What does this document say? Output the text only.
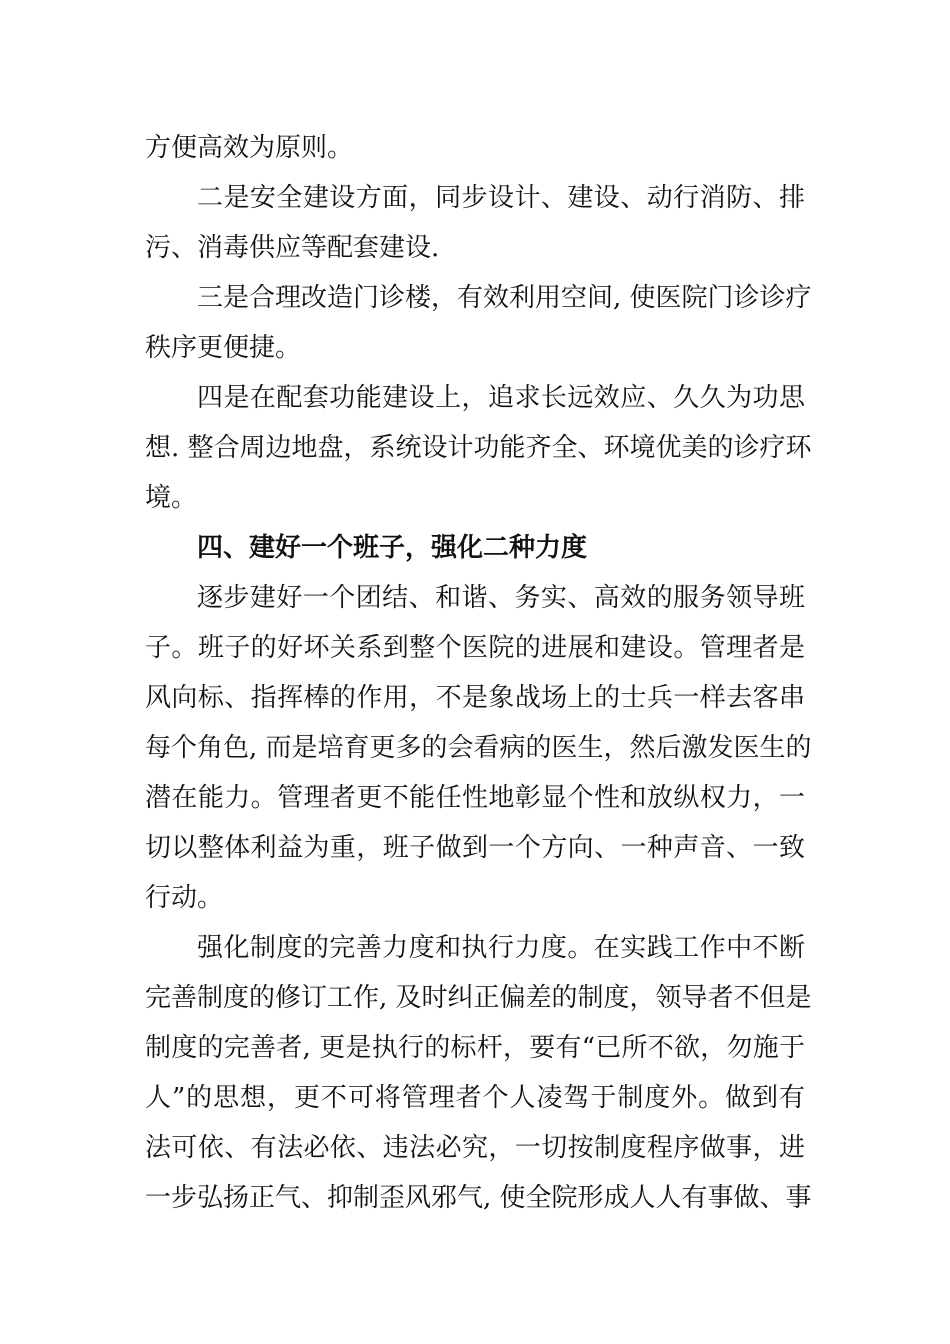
方便高效为原则。
二是安全建设方面，同步设计、建设、动行消防、排
污、消毒供应等配套建设.
三是合理改造门诊楼，有效利用空间, 使医院门诊诊疗
秩序更便捷。
四是在配套功能建设上，追求长远效应、久久为功思
想. 整合周边地盘，系统设计功能齐全、环境优美的诊疗环
境。
四、建好一个班子，强化二种力度
逐步建好一个团结、和谐、务实、高效的服务领导班
子。班子的好坏关系到整个医院的进展和建设。管理者是
风向标、指挥棒的作用，不是象战场上的士兵一样去客串
每个角色, 而是培育更多的会看病的医生，然后激发医生的
潜在能力。管理者更不能任性地彰显个性和放纵权力，一
切以整体利益为重，班子做到一个方向、一种声音、一致
行动。
强化制度的完善力度和执行力度。在实践工作中不断
完善制度的修订工作, 及时纠正偏差的制度，领导者不但是
制度的完善者, 更是执行的标杆，要有“已所不欲，勿施于
人”的思想，更不可将管理者个人凌驾于制度外。做到有
法可依、有法必依、违法必究，一切按制度程序做事，进
一步弘扬正气、抑制歪风邪气, 使全院形成人人有事做、事
